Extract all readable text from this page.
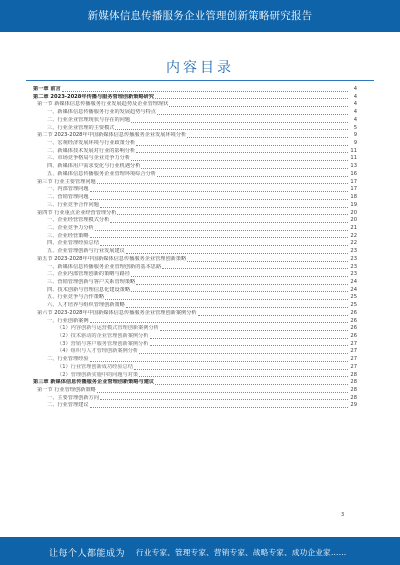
新媒体信息传播服务企业管理创新策略研究报告
内容目录
第一章 前言	4
第二章 2023-2028年传播与服务管理创新策略研究	4
第一节 新媒体信息传播服务行业发展趋势及企业管理现状	4
一、新媒体信息传播服务行业的发展趋势与特点	4
二、行业企业管理现状与存在的问题	4
三、行业企业管理的主要模式	5
第二节 2023-2028年中国新媒体信息传播服务企业发展环境分析	9
一、宏观经济发展环境与行业政策分析	9
二、新媒体技术发展对行业的影响分析	11
三、市场竞争格局与企业竞争力分析	11
四、新媒体用户需求变化与行业机遇分析	13
五、新媒体信息传播服务企业管理环境综合分析	16
第三节 行业主要管理问题	17
一、内部管理问题	17
二、营销管理问题	18
三、行业竞争合作问题	19
第四节 行业重点企业经营管理分析	20
一、企业经营管理模式分析	20
二、企业竞争力分析	21
三、企业经营策略	22
四、企业管理经验总结	22
五、企业管理创新与行业发展建议	23
第五节 2023-2028年中国新媒体信息传播服务企业管理创新策略	23
一、新媒体信息传播服务企业管理创新的基本思路	23
二、企业内部管理创新的策略与路径	23
三、营销管理创新与客户关系管理策略	24
四、技术创新与管理信息化建设策略	24
五、行业竞争与合作策略	25
六、人才培养与组织管理创新策略	25
第六节 2023-2028年中国新媒体信息传播服务企业管理创新案例分析	26
一、行业创新案例	26
（1）内容创新与运营模式管理创新案例分析	26
（2）技术驱动的企业管理创新案例分析	26
（3）营销与客户服务管理创新案例分析	27
（4）组织与人才管理创新案例分析	27
二、行业管理经验	27
（1）行业管理创新成功经验总结	27
（2）管理创新实施中的问题与对策	28
第三章 新媒体信息传播服务企业管理创新策略与建议	28
第一节 行业管理创新策略	28
一、主要管理创新方向	28
二、行业管理建议	29
3
让每个人都能成为 行业专家、管理专家、营销专家、战略专家、成功企业家……
